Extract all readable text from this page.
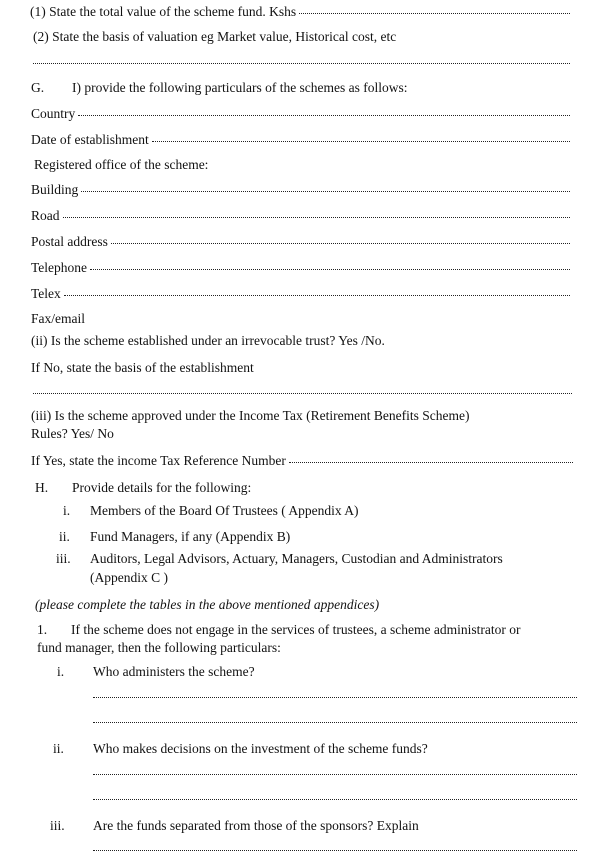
(1) State the total value of the scheme fund. Kshs
(2) State the basis of valuation eg Market value, Historical cost, etc
G.	I) provide the following particulars of the schemes as follows:
Country
Date of establishment
Registered office of the scheme:
Building
Road
Postal address
Telephone
Telex
Fax/email
(ii) Is the scheme established under an irrevocable trust? Yes /No.
If No, state the basis of the establishment
(iii) Is the scheme approved under the Income Tax (Retirement Benefits Scheme)
Rules? Yes/ No
If Yes, state the income Tax Reference Number
H.	Provide details for the following:
i.	Members of the Board Of Trustees ( Appendix A)
ii.	Fund Managers, if any (Appendix B)
iii.	Auditors, Legal Advisors, Actuary, Managers, Custodian and Administrators
(Appendix C )
(please complete the tables in the above mentioned appendices)
1.	If the scheme does not engage in the services of trustees, a scheme administrator or
fund manager, then the following particulars:
i.	Who administers the scheme?
ii.	Who makes decisions on the investment of the scheme funds?
iii.	Are the funds separated from those of the sponsors? Explain
